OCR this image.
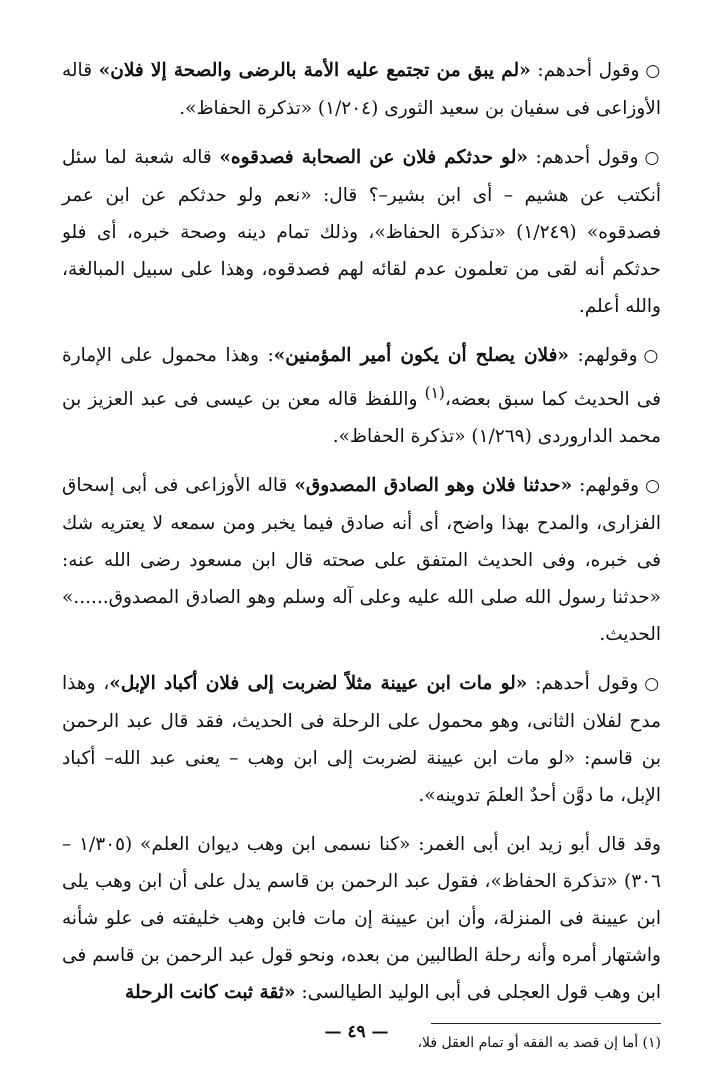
○وقول أحدهم: «لم يبق من تجتمع عليه الأمة بالرضى والصحة إلا فلان» قاله الأوزاعى فى سفيان بن سعيد الثورى (١/٢٠٤) «تذكرة الحفاظ».

○وقول أحدهم: «لو حدثكم فلان عن الصحابة فصدقوه» قاله شعبة لما سئل أنكتب عن هشيم – أى ابن بشير–؟ قال: «نعم ولو حدثكم عن ابن عمر فصدقوه» (١/٢٤٩) «تذكرة الحفاظ»، وذلك تمام دينه وصحة خبره، أى فلو حدثكم أنه لقى من تعلمون عدم لقائه لهم فصدقوه، وهذا على سبيل المبالغة، والله أعلم.

○وقولهم: «فلان يصلح أن يكون أمير المؤمنين»: وهذا محمول على الإمارة فى الحديث كما سبق بعضه،$^{(١)}$ واللفظ قاله معن بن عيسى فى عبد العزيز بن محمد الداروردى (١/٢٦٩) «تذكرة الحفاظ».

○وقولهم: «حدثنا فلان وهو الصادق المصدوق» قاله الأوزاعى فى أبى إسحاق الفزارى، والمدح بهذا واضح، أى أنه صادق فيما يخبر ومن سمعه لا يعتريه شك فى خبره، وفى الحديث المتفق على صحته قال ابن مسعود رضى الله عنه: «حدثنا رسول الله صلى الله عليه وعلى آله وسلم وهو الصادق المصدوق......» الحديث.

○وقول أحدهم: «لو مات ابن عيينة مثلاً لضربت إلى فلان أكباد الإبل»، وهذا مدح لفلان الثانى، وهو محمول على الرحلة فى الحديث، فقد قال عبد الرحمن بن قاسم: «لو مات ابن عيينة لضربت إلى ابن وهب – يعنى عبد الله– أكباد الإبل، ما دوَّن أحدٌ العلمَ تدوينه».

وقد قال أبو زيد ابن أبى الغمر: «كنا نسمى ابن وهب ديوان العلم» (١/٣٠٥ – ٣٠٦) «تذكرة الحفاظ»، فقول عبد الرحمن بن قاسم يدل على أن ابن وهب يلى ابن عيينة فى المنزلة، وأن ابن عيينة إن مات فابن وهب خليفته فى علو شأنه واشتهار أمره وأنه رحلة الطالبين من بعده، ونحو قول عبد الرحمن بن قاسم فى ابن وهب قول العجلى فى أبى الوليد الطيالسى: «ثقة ثبت كانت الرحلة

(١) أما إن قصد به الفقه أو تمام العقل فلا،
— ٤٩ —
